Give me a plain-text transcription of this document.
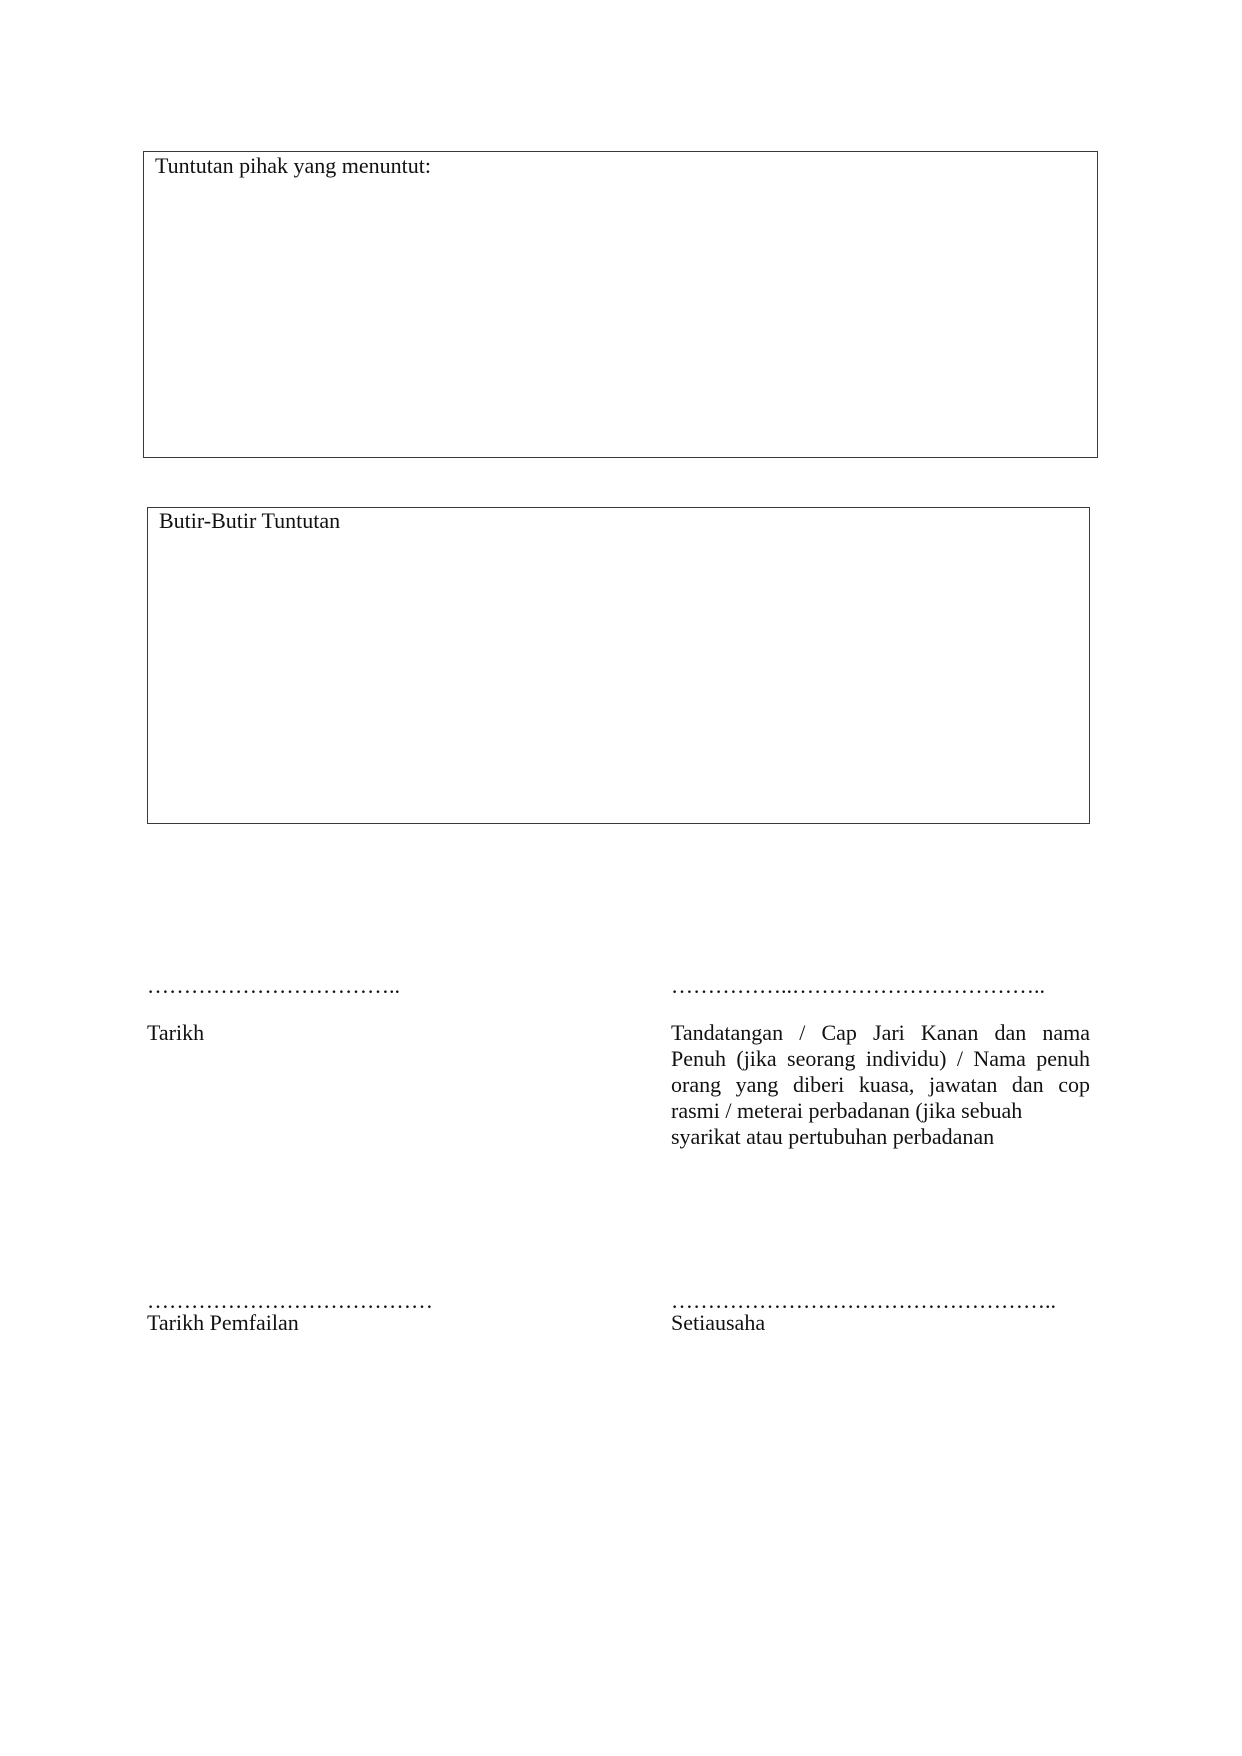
Tuntutan pihak yang menuntut:
Butir-Butir Tuntutan
……………………………..
Tarikh
……………..……………………………..
Tandatangan / Cap Jari Kanan dan nama
Penuh (jika seorang individu) / Nama penuh
orang yang diberi kuasa, jawatan dan cop
rasmi / meterai perbadanan (jika sebuah
syarikat atau pertubuhan perbadanan
…………………………………
Tarikh Pemfailan
……………………………………………..
Setiausaha
